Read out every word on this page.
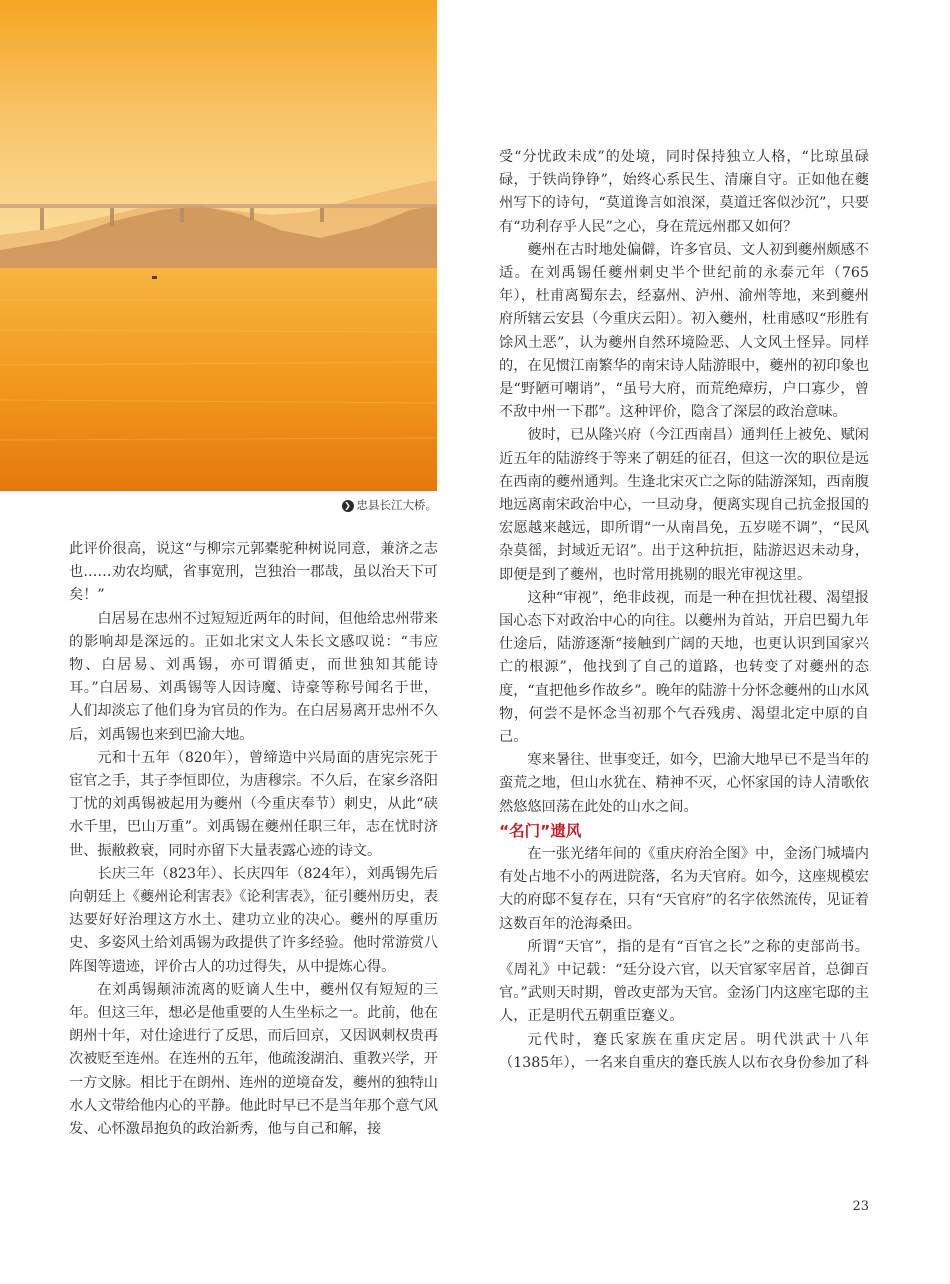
❯ 忠县长江大桥。

此评价很高，说这“与柳宗元郭橐驼种树说同意，兼济之志也……劝农均赋，省事宽刑，岂独治一郡哉，虽以治天下可矣！”

白居易在忠州不过短短近两年的时间，但他给忠州带来的影响却是深远的。正如北宋文人朱长文感叹说：“韦应物、白居易、刘禹锡，亦可谓循吏，而世独知其能诗耳。”白居易、刘禹锡等人因诗魔、诗豪等称号闻名于世，人们却淡忘了他们身为官员的作为。在白居易离开忠州不久后，刘禹锡也来到巴渝大地。

元和十五年（820年），曾缔造中兴局面的唐宪宗死于宦官之手，其子李恒即位，为唐穆宗。不久后，在家乡洛阳丁忧的刘禹锡被起用为夔州（今重庆奉节）刺史，从此“硖水千里，巴山万重”。刘禹锡在夔州任职三年，志在忧时济世、振敝救衰，同时亦留下大量表露心迹的诗文。

长庆三年（823年）、长庆四年（824年），刘禹锡先后向朝廷上《夔州论利害表》《论利害表》，征引夔州历史，表达要好好治理这方水土、建功立业的决心。夔州的厚重历史、多姿风土给刘禹锡为政提供了许多经验。他时常游赏八阵图等遗迹，评价古人的功过得失，从中提炼心得。

在刘禹锡颠沛流离的贬谪人生中，夔州仅有短短的三年。但这三年，想必是他重要的人生坐标之一。此前，他在朗州十年，对仕途进行了反思，而后回京，又因讽刺权贵再次被贬至连州。在连州的五年，他疏浚湖泊、重教兴学，开一方文脉。相比于在朗州、连州的逆境奋发，夔州的独特山水人文带给他内心的平静。他此时早已不是当年那个意气风发、心怀激昂抱负的政治新秀，他与自己和解，接

受“分忧政未成”的处境，同时保持独立人格，“比琼虽碌碌，于铁尚铮铮”，始终心系民生、清廉自守。正如他在夔州写下的诗句，“莫道谗言如浪深，莫道迁客似沙沉”，只要有“功利存乎人民”之心，身在荒远州郡又如何？

夔州在古时地处偏僻，许多官员、文人初到夔州颇感不适。在刘禹锡任夔州刺史半个世纪前的永泰元年（765年），杜甫离蜀东去，经嘉州、泸州、渝州等地，来到夔州府所辖云安县（今重庆云阳）。初入夔州，杜甫感叹“形胜有馀风土恶”，认为夔州自然环境险恶、人文风土怪异。同样的，在见惯江南繁华的南宋诗人陆游眼中，夔州的初印象也是“野陋可嘲诮”，“虽号大府，而荒绝瘴疠，户口寡少，曾不敌中州一下郡”。这种评价，隐含了深层的政治意味。

彼时，已从隆兴府（今江西南昌）通判任上被免、赋闲近五年的陆游终于等来了朝廷的征召，但这一次的职位是远在西南的夔州通判。生逢北宋灭亡之际的陆游深知，西南腹地远离南宋政治中心，一旦动身，便离实现自己抗金报国的宏愿越来越远，即所谓“一从南昌免，五岁嗟不调”，“民风杂莫徭，封域近无诏”。出于这种抗拒，陆游迟迟未动身，即便是到了夔州，也时常用挑剔的眼光审视这里。

这种“审视”，绝非歧视，而是一种在担忧社稷、渴望报国心态下对政治中心的向往。以夔州为首站，开启巴蜀九年仕途后，陆游逐渐“接触到广阔的天地，也更认识到国家兴亡的根源”，他找到了自己的道路，也转变了对夔州的态度，“直把他乡作故乡”。晚年的陆游十分怀念夔州的山水风物，何尝不是怀念当初那个气吞残虏、渴望北定中原的自己。

寒来暑往、世事变迁，如今，巴渝大地早已不是当年的蛮荒之地，但山水犹在、精神不灭，心怀家国的诗人清歌依然悠悠回荡在此处的山水之间。

“名门”遗风

在一张光绪年间的《重庆府治全图》中，金汤门城墙内有处占地不小的两进院落，名为天官府。如今，这座规模宏大的府邸不复存在，只有“天官府”的名字依然流传，见证着这数百年的沧海桑田。

所谓“天官”，指的是有“百官之长”之称的吏部尚书。《周礼》中记载：“廷分设六官，以天官冢宰居首，总御百官。”武则天时期，曾改吏部为天官。金汤门内这座宅邸的主人，正是明代五朝重臣蹇义。

元代时，蹇氏家族在重庆定居。明代洪武十八年（1385年），一名来自重庆的蹇氏族人以布衣身份参加了科

23
